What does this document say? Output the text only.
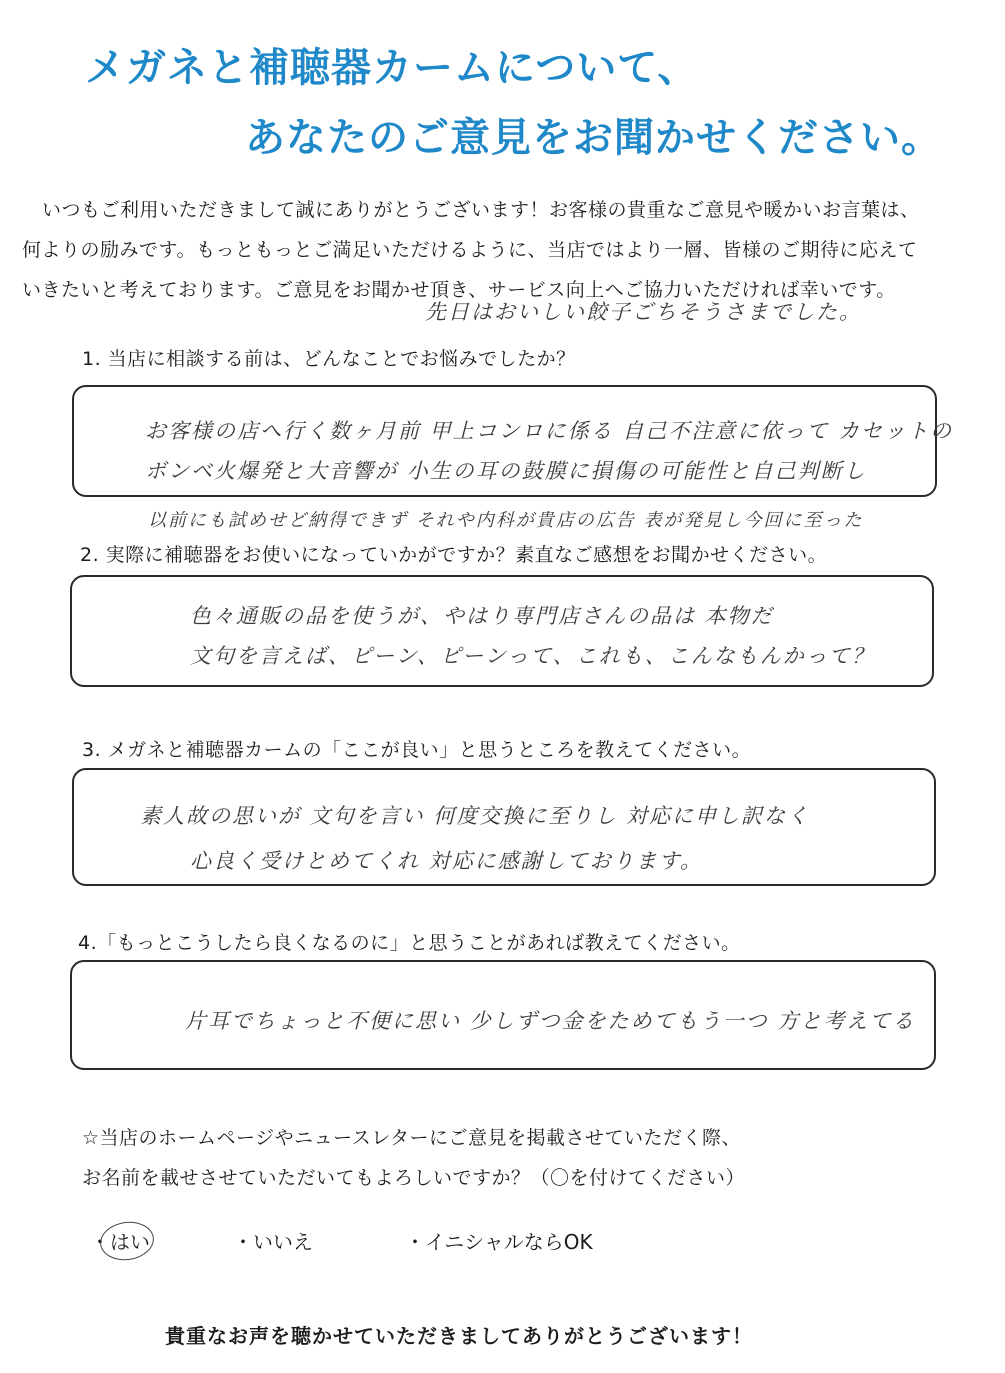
メガネと補聴器カームについて、
あなたのご意見をお聞かせください。

いつもご利用いただきまして誠にありがとうございます！お客様の貴重なご意見や暖かいお言葉は、

何よりの励みです。もっともっとご満足いただけるように、当店ではより一層、皆様のご期待に応えて

いきたいと考えております。ご意見をお聞かせ頂き、サービス向上へご協力いただければ幸いです。

先日はおいしい餃子ごちそうさまでした。
1. 当店に相談する前は、どんなことでお悩みでしたか？
お客様の店へ行く数ヶ月前 甲上コンロに係る 自己不注意に依って カセットの
ボンベ火爆発と大音響が 小生の耳の鼓膜に損傷の可能性と自己判断し
以前にも試めせど納得できず それや内科が貴店の広告 表が発見し今回に至った
2. 実際に補聴器をお使いになっていかがですか？素直なご感想をお聞かせください。
色々通販の品を使うが、やはり専門店さんの品は 本物だ
文句を言えば、ピーン、ピーンって、これも、こんなもんかって？
3. メガネと補聴器カームの「ここが良い」と思うところを教えてください。
素人故の思いが 文句を言い 何度交換に至りし 対応に申し訳なく
心良く受けとめてくれ 対応に感謝しております。
4.「もっとこうしたら良くなるのに」と思うことがあれば教えてください。
片耳でちょっと不便に思い 少しずつ金をためてもう一つ 方と考えてる

☆当店のホームページやニュースレターにご意見を掲載させていただく際、

お名前を載せさせていただいてもよろしいですか？（〇を付けてください）

・はい	・いいえ	・イニシャルならOK
貴重なお声を聴かせていただきましてありがとうございます！
